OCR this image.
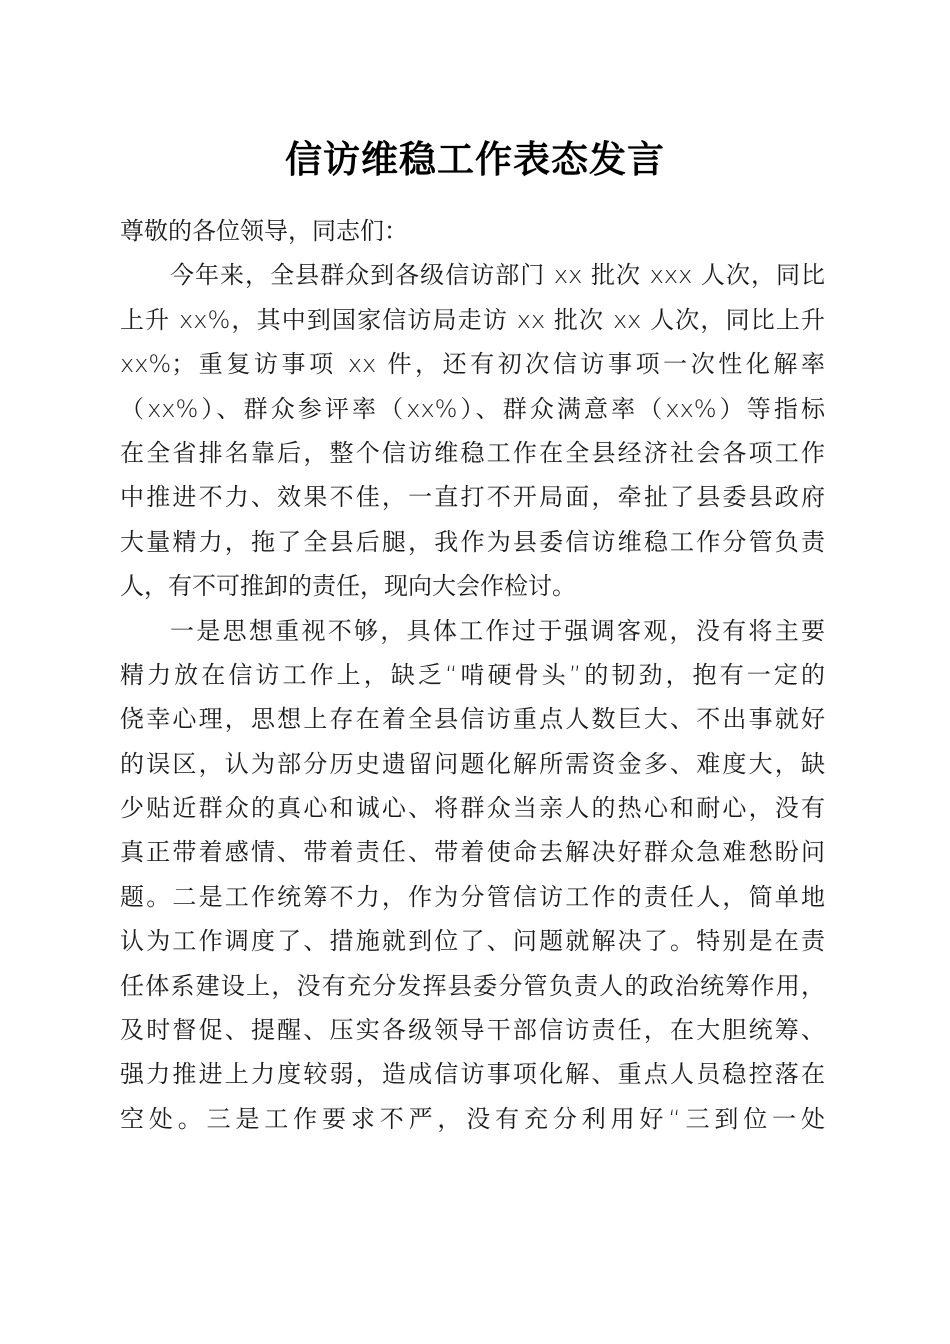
信访维稳工作表态发言
尊敬的各位领导，同志们：
今年来，全县群众到各级信访部门 xx 批次 xxx 人次，同比
上升 xx%，其中到国家信访局走访 xx 批次 xx 人次，同比上升
xx%；重复访事项 xx 件，还有初次信访事项一次性化解率
（xx%）、群众参评率（xx%）、群众满意率（xx%）等指标
在全省排名靠后，整个信访维稳工作在全县经济社会各项工作
中推进不力、效果不佳，一直打不开局面，牵扯了县委县政府
大量精力，拖了全县后腿，我作为县委信访维稳工作分管负责
人，有不可推卸的责任，现向大会作检讨。
一是思想重视不够，具体工作过于强调客观，没有将主要
精力放在信访工作上，缺乏“啃硬骨头”的韧劲，抱有一定的
侥幸心理，思想上存在着全县信访重点人数巨大、不出事就好
的误区，认为部分历史遗留问题化解所需资金多、难度大，缺
少贴近群众的真心和诚心、将群众当亲人的热心和耐心，没有
真正带着感情、带着责任、带着使命去解决好群众急难愁盼问
题。二是工作统筹不力，作为分管信访工作的责任人，简单地
认为工作调度了、措施就到位了、问题就解决了。特别是在责
任体系建设上，没有充分发挥县委分管负责人的政治统筹作用，
及时督促、提醒、压实各级领导干部信访责任，在大胆统筹、
强力推进上力度较弱，造成信访事项化解、重点人员稳控落在
空处。三是工作要求不严，没有充分利用好“三到位一处
